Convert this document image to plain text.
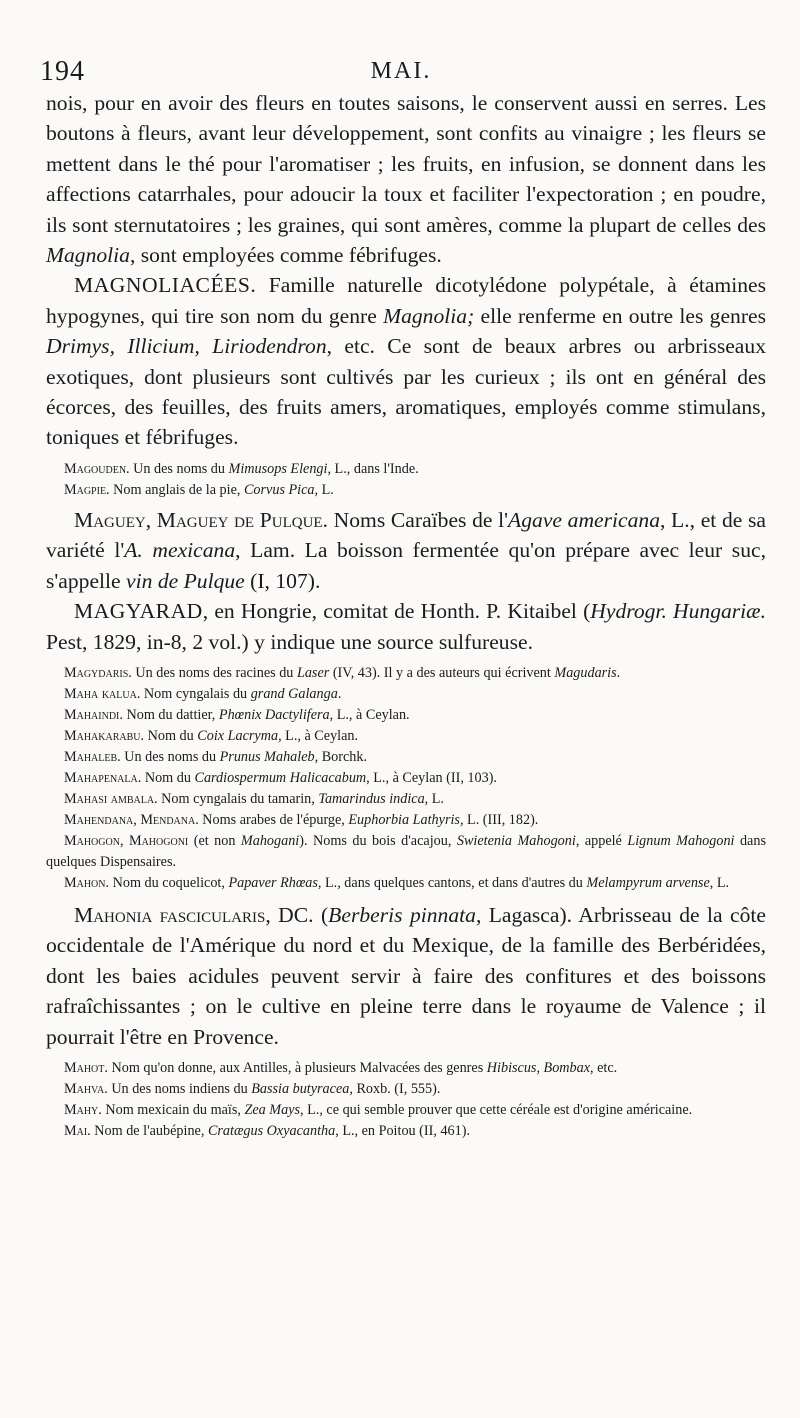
194	MAI.

nois, pour en avoir des fleurs en toutes saisons, le conservent aussi en serres. Les boutons à fleurs, avant leur développement, sont confits au vinaigre ; les fleurs se mettent dans le thé pour l'aromatiser ; les fruits, en infusion, se donnent dans les affections catarrhales, pour adoucir la toux et faciliter l'expectoration ; en poudre, ils sont sternutatoires ; les graines, qui sont amères, comme la plupart de celles des Magnolia, sont employées comme fébrifuges.

MAGNOLIACÉES. Famille naturelle dicotylédone polypétale, à étamines hypogynes, qui tire son nom du genre Magnolia; elle renferme en outre les genres Drimys, Illicium, Liriodendron, etc. Ce sont de beaux arbres ou arbrisseaux exotiques, dont plusieurs sont cultivés par les curieux ; ils ont en général des écorces, des feuilles, des fruits amers, aromatiques, employés comme stimulans, toniques et fébrifuges.

Magouden. Un des noms du Mimusops Elengi, L., dans l'Inde.

Magpie. Nom anglais de la pie, Corvus Pica, L.

Maguey, Maguey de Pulque. Noms Caraïbes de l'Agave americana, L., et de sa variété l'A. mexicana, Lam. La boisson fermentée qu'on prépare avec leur suc, s'appelle vin de Pulque (I, 107).

MAGYARAD, en Hongrie, comitat de Honth. P. Kitaibel (Hydrogr. Hungariæ. Pest, 1829, in-8, 2 vol.) y indique une source sulfureuse.

Magydaris. Un des noms des racines du Laser (IV, 43). Il y a des auteurs qui écrivent Magudaris.

Maha kalua. Nom cyngalais du grand Galanga.

Mahaindi. Nom du dattier, Phœnix Dactylifera, L., à Ceylan.

Mahakarabu. Nom du Coix Lacryma, L., à Ceylan.

Mahaleb. Un des noms du Prunus Mahaleb, Borchk.

Mahapenala. Nom du Cardiospermum Halicacabum, L., à Ceylan (II, 103).

Mahasi ambala. Nom cyngalais du tamarin, Tamarindus indica, L.

Mahendana, Mendana. Noms arabes de l'épurge, Euphorbia Lathyris, L. (III, 182).

Mahogon, Mahogoni (et non Mahogani). Noms du bois d'acajou, Swietenia Mahogoni, appelé Lignum Mahogoni dans quelques Dispensaires.

Mahon. Nom du coquelicot, Papaver Rhœas, L., dans quelques cantons, et dans d'autres du Melampyrum arvense, L.

Mahonia fascicularis, DC. (Berberis pinnata, Lagasca). Arbrisseau de la côte occidentale de l'Amérique du nord et du Mexique, de la famille des Berbéridées, dont les baies acidules peuvent servir à faire des confitures et des boissons rafraîchissantes ; on le cultive en pleine terre dans le royaume de Valence ; il pourrait l'être en Provence.

Mahot. Nom qu'on donne, aux Antilles, à plusieurs Malvacées des genres Hibiscus, Bombax, etc.

Mahva. Un des noms indiens du Bassia butyracea, Roxb. (I, 555).

Mahy. Nom mexicain du maïs, Zea Mays, L., ce qui semble prouver que cette céréale est d'origine américaine.

Mai. Nom de l'aubépine, Cratægus Oxyacantha, L., en Poitou (II, 461).
